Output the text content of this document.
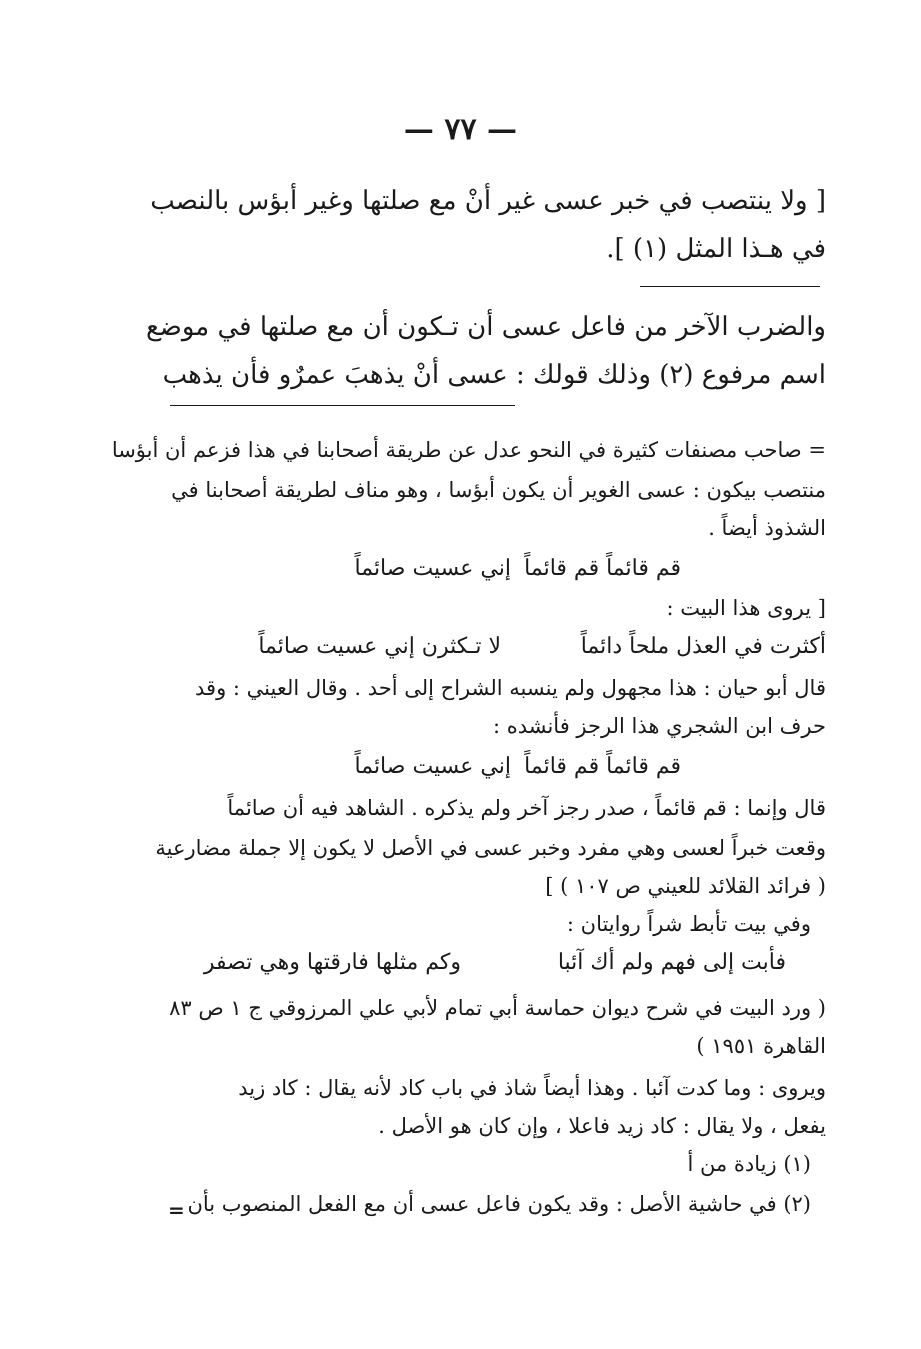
— ٧٧ —
[ ولا ينتصب في خبر عسى غير أنْ مع صلتها وغير أبؤس بالنصب
في هـذا المثل (١) ].
والضرب الآخر من فاعل عسى أن تـكون أن مع صلتها في موضع
اسم مرفوع (٢) وذلك قولك : عسى أنْ يذهبَ عمرٌو فأن يذهب
= صاحب مصنفات كثيرة في النحو عدل عن طريقة أصحابنا في هذا فزعم أن أبؤسا
منتصب بيكون : عسى الغوير أن يكون أبؤسا ، وهو مناف لطريقة أصحابنا في
الشذوذ أيضاً .
إني عسيت صائماً قم قائماً قم قائماً
[ يروى هذا البيت :
أكثرت في العذل ملحاً دائماً
لا تـكثرن إني عسيت صائماً
قال أبو حيان : هذا مجهول ولم ينسبه الشراح إلى أحد . وقال العيني : وقد
حرف ابن الشجري هذا الرجز فأنشده :
إني عسيت صائماً قم قائماً قم قائماً
قال وإنما : قم قائماً ، صدر رجز آخر ولم يذكره . الشاهد فيه أن صائماً
وقعت خبراً لعسى وهي مفرد وخبر عسى في الأصل لا يكون إلا جملة مضارعية
( فرائد القلائد للعيني ص ١٠٧ ) ]
وفي بيت تأبط شراً روايتان :
فأبت إلى فهم ولم أك آئبا
وكم مثلها فارقتها وهي تصفر
( ورد البيت في شرح ديوان حماسة أبي تمام لأبي علي المرزوقي ج ١ ص ٨٣
القاهرة ١٩٥١ )
ويروى : وما كدت آئبا . وهذا أيضاً شاذ في باب كاد لأنه يقال : كاد زيد
يفعل ، ولا يقال : كاد زيد فاعلا ، وإن كان هو الأصل .
(١) زيادة من أ
(٢) في حاشية الأصل : وقد يكون فاعل عسى أن مع الفعل المنصوب بأن
=
